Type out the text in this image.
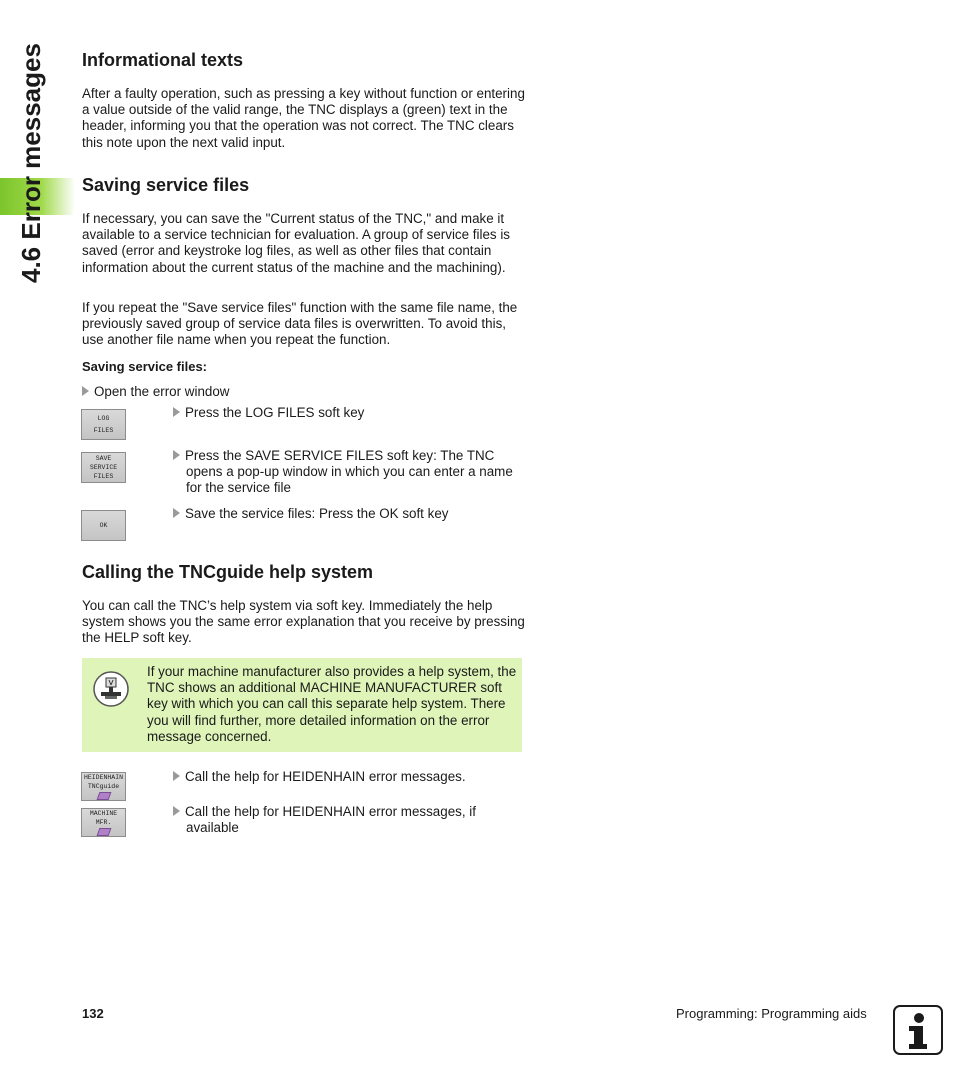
4.6 Error messages Informational texts

After a faulty operation, such as pressing a key without function or entering a value outside of the valid range, the TNC displays a (green) text in the header, informing you that the operation was not correct. The TNC clears this note upon the next valid input.

Saving service files

If necessary, you can save the "Current status of the TNC," and make it available to a service technician for evaluation. A group of service files is saved (error and keystroke log files, as well as other files that contain information about the current status of the machine and the machining).

If you repeat the "Save service files" function with the same file name, the previously saved group of service data files is overwritten. To avoid this, use another file name when you repeat the function.

Saving service files:

Open the error window
LOG
FILES
Press the LOG FILES soft key
SAVE
SERVICE
FILES
Press the SAVE SERVICE FILES soft key: The TNC opens a pop-up window in which you can enter a name for the service file
OK
Save the service files: Press the OK soft key
Calling the TNCguide help system

You can call the TNC’s help system via soft key. Immediately the help system shows you the same error explanation that you receive by pressing the HELP soft key.

If your machine manufacturer also provides a help system, the TNC shows an additional MACHINE MANUFACTURER soft key with which you can call this separate help system. There you will find further, more detailed information on the error message concerned.
HEIDENHAIN
TNCguide
Call the help for HEIDENHAIN error messages.
MACHINE
MFR.
Call the help for HEIDENHAIN error messages, if available
132	Programming: Programming aids
